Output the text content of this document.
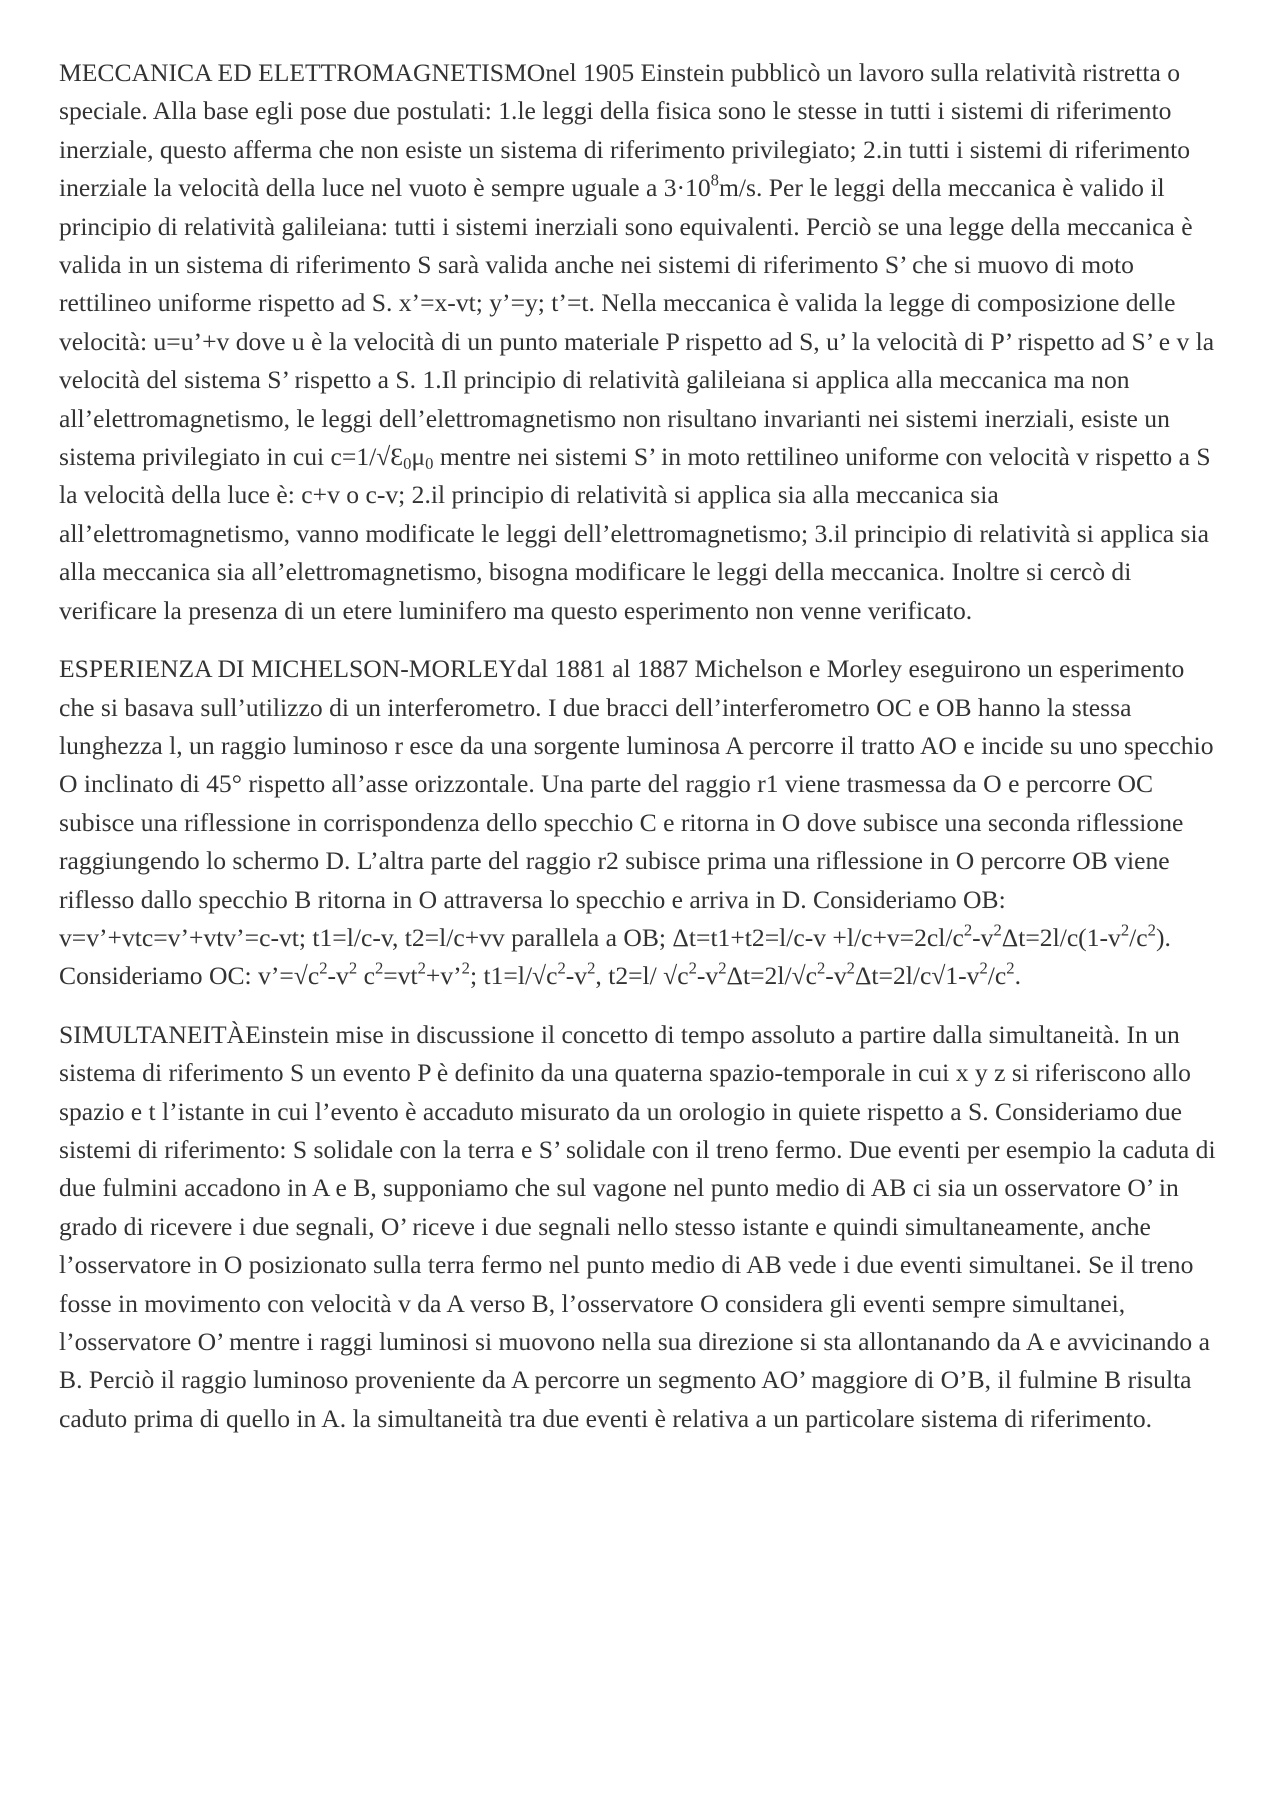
MECCANICA ED ELETTROMAGNETISMOnel 1905 Einstein pubblicò un lavoro sulla relatività ristretta o speciale. Alla base egli pose due postulati: 1.le leggi della fisica sono le stesse in tutti i sistemi di riferimento inerziale, questo afferma che non esiste un sistema di riferimento privilegiato; 2.in tutti i sistemi di riferimento inerziale la velocità della luce nel vuoto è sempre uguale a $3\cdot 10^8m/s$. Per le leggi della meccanica è valido il principio di relatività galileiana: tutti i sistemi inerziali sono equivalenti. Perciò se una legge della meccanica è valida in un sistema di riferimento S sarà valida anche nei sistemi di riferimento S’ che si muovo di moto rettilineo uniforme rispetto ad S. x’=x-vt; y’=y; t’=t. Nella meccanica è valida la legge di composizione delle velocità: u=u’+v dove u è la velocità di un punto materiale P rispetto ad S, u’ la velocità di P’ rispetto ad S’ e v la velocità del sistema S’ rispetto a S. 1.Il principio di relatività galileiana si applica alla meccanica ma non all’elettromagnetismo, le leggi dell’elettromagnetismo non risultano invarianti nei sistemi inerziali, esiste un sistema privilegiato in cui $c=1/√Ɛ_0\mu_0$ mentre nei sistemi S’ in moto rettilineo uniforme con velocità v rispetto a S la velocità della luce è: c+v o c-v; 2.il principio di relatività si applica sia alla meccanica sia all’elettromagnetismo, vanno modificate le leggi dell’elettromagnetismo; 3.il principio di relatività si applica sia alla meccanica sia all’elettromagnetismo, bisogna modificare le leggi della meccanica. Inoltre si cercò di verificare la presenza di un etere luminifero ma questo esperimento non venne verificato.

ESPERIENZA DI MICHELSON-MORLEYdal 1881 al 1887 Michelson e Morley eseguirono un esperimento che si basava sull’utilizzo di un interferometro. I due bracci dell’interferometro OC e OB hanno la stessa lunghezza l, un raggio luminoso r esce da una sorgente luminosa A percorre il tratto AO e incide su uno specchio O inclinato di 45° rispetto all’asse orizzontale. Una parte del raggio r1 viene trasmessa da O e percorre OC subisce una riflessione in corrispondenza dello specchio C e ritorna in O dove subisce una seconda riflessione raggiungendo lo schermo D. L’altra parte del raggio r2 subisce prima una riflessione in O percorre OB viene riflesso dallo specchio B ritorna in O attraversa lo specchio e arriva in D. Consideriamo OB: v=v’+vtc=v’+vtv’=c-vt; t1=l/c-v, t2=l/c+vv parallela a OB; $\Delta t=t1+t2=l/c-v +l/c+v=2cl/c^2-v^2\Delta t=2l/c(1-v^2/c^2)$. Consideriamo OC: $v’=√c^2-v^2$ $c^2=vt^2+v’^2$; $t1=l/√c^2-v^2$, t2=l/ $√c^2-v^2\Delta t=2l/√c^2-v^2\Delta t=2l/c√1-v^2/c^2$.

SIMULTANEITÀEinstein mise in discussione il concetto di tempo assoluto a partire dalla simultaneità. In un sistema di riferimento S un evento P è definito da una quaterna spazio-temporale in cui x y z si riferiscono allo spazio e t l’istante in cui l’evento è accaduto misurato da un orologio in quiete rispetto a S. Consideriamo due sistemi di riferimento: S solidale con la terra e S’ solidale con il treno fermo. Due eventi per esempio la caduta di due fulmini accadono in A e B, supponiamo che sul vagone nel punto medio di AB ci sia un osservatore O’ in grado di ricevere i due segnali, O’ riceve i due segnali nello stesso istante e quindi simultaneamente, anche l’osservatore in O posizionato sulla terra fermo nel punto medio di AB vede i due eventi simultanei. Se il treno fosse in movimento con velocità v da A verso B, l’osservatore O considera gli eventi sempre simultanei, l’osservatore O’ mentre i raggi luminosi si muovono nella sua direzione si sta allontanando da A e avvicinando a B. Perciò il raggio luminoso proveniente da A percorre un segmento AO’ maggiore di O’B, il fulmine B risulta caduto prima di quello in A. la simultaneità tra due eventi è relativa a un particolare sistema di riferimento.
